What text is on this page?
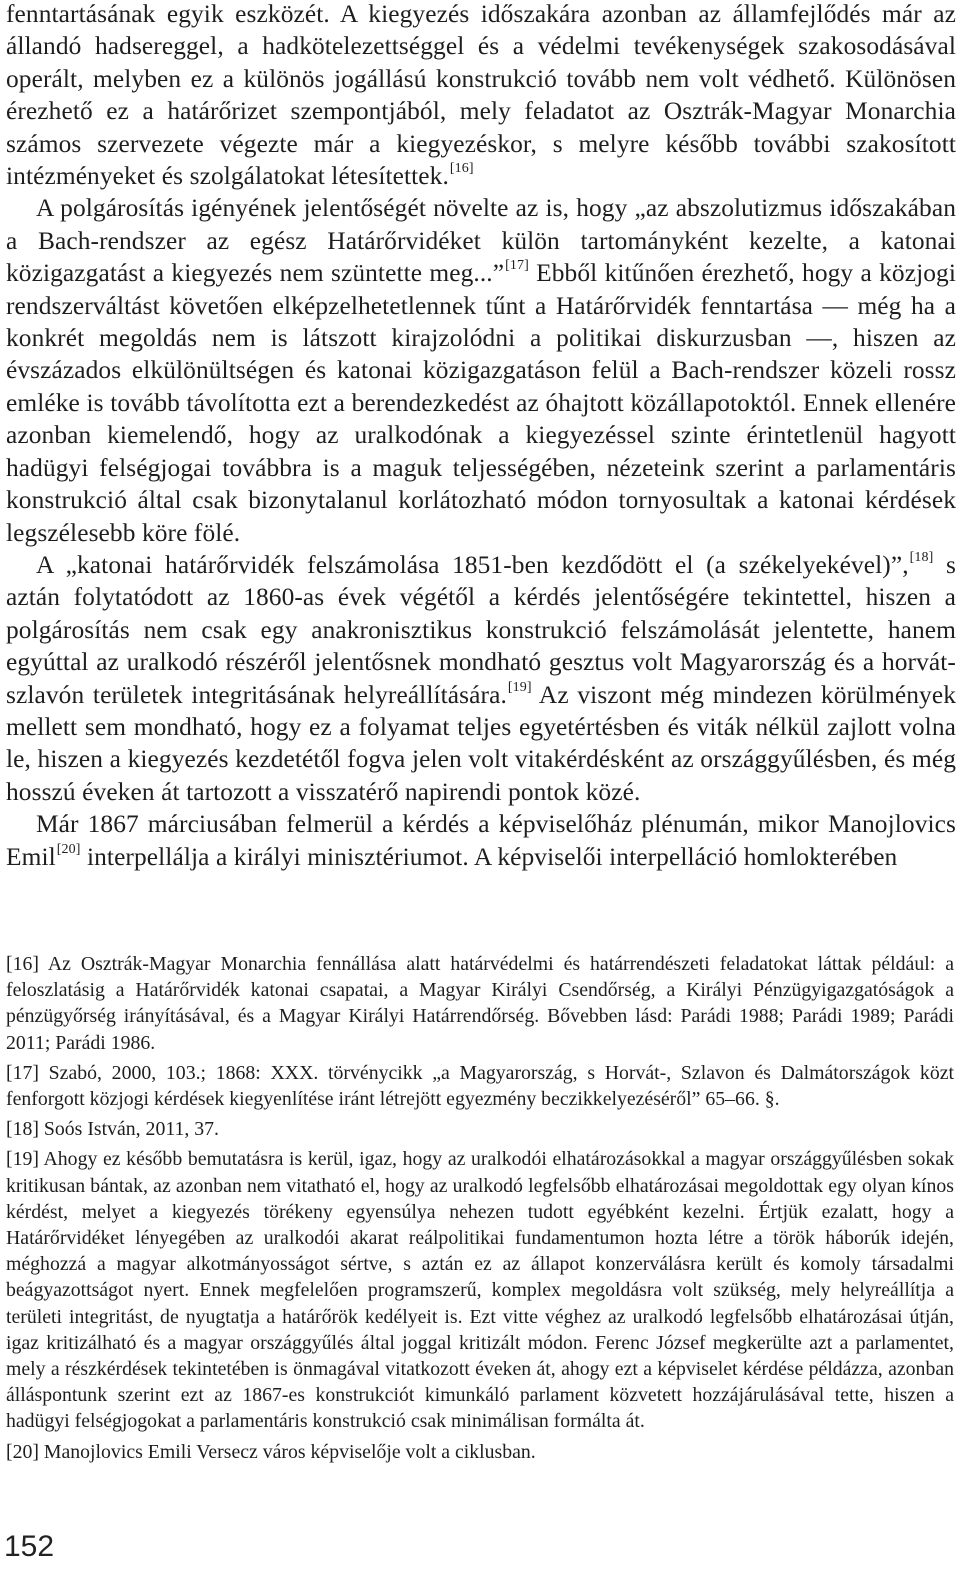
fenntartásának egyik eszközét. A kiegyezés időszakára azonban az államfejlődés már az állandó hadsereggel, a hadkötelezettséggel és a védelmi tevékenységek szakosodásával operált, melyben ez a különös jogállású konstrukció tovább nem volt védhető. Különösen érezhető ez a határőrizet szempontjából, mely feladatot az Osztrák-Magyar Monarchia számos szervezete végezte már a kiegyezéskor, s melyre később további szakosított intézményeket és szolgálatokat létesítettek.[16]

A polgárosítás igényének jelentőségét növelte az is, hogy „az abszolutizmus időszakában a Bach-rendszer az egész Határőrvidéket külön tartományként kezelte, a katonai közigazgatást a kiegyezés nem szüntette meg...”[17] Ebből kitűnően érezhető, hogy a közjogi rendszerváltást követően elképzelhetetlennek tűnt a Határőrvidék fenntartása — még ha a konkrét megoldás nem is látszott kirajzolódni a politikai diskurzusban —, hiszen az évszázados elkülönültségen és katonai közigazgatáson felül a Bach-rendszer közeli rossz emléke is tovább távolította ezt a berendezkedést az óhajtott közállapotoktól. Ennek ellenére azonban kiemelendő, hogy az uralkodónak a kiegyezéssel szinte érintetlenül hagyott hadügyi felségjogai továbbra is a maguk teljességében, nézeteink szerint a parlamentáris konstrukció által csak bizonytalanul korlátozható módon tornyosultak a katonai kérdések legszélesebb köre fölé.

A „katonai határőrvidék felszámolása 1851-ben kezdődött el (a székelyekével)”,[18] s aztán folytatódott az 1860-as évek végétől a kérdés jelentőségére tekintettel, hiszen a polgárosítás nem csak egy anakronisztikus konstrukció felszámolását jelentette, hanem egyúttal az uralkodó részéről jelentősnek mondható gesztus volt Magyarország és a horvát-szlavón területek integritásának helyreállítására.[19] Az viszont még mindezen körülmények mellett sem mondható, hogy ez a folyamat teljes egyetértésben és viták nélkül zajlott volna le, hiszen a kiegyezés kezdetétől fogva jelen volt vitakérdésként az országgyűlésben, és még hosszú éveken át tartozott a visszatérő napirendi pontok közé.

Már 1867 márciusában felmerül a kérdés a képviselőház plénumán, mikor Manojlovics Emil[20] interpellálja a királyi minisztériumot. A képviselői interpelláció homlokterében

[16] Az Osztrák-Magyar Monarchia fennállása alatt határvédelmi és határrendészeti feladatokat láttak például: a feloszlatásig a Határőrvidék katonai csapatai, a Magyar Királyi Csendőrség, a Királyi Pénzügyigazgatóságok a pénzügyőrség irányításával, és a Magyar Királyi Határrendőrség. Bővebben lásd: Parádi 1988; Parádi 1989; Parádi 2011; Parádi 1986.

[17] Szabó, 2000, 103.; 1868: XXX. törvénycikk „a Magyarország, s Horvát-, Szlavon és Dalmátországok közt fenforgott közjogi kérdések kiegyenlítése iránt létrejött egyezmény beczikkelyezéséről” 65–66. §.

[18] Soós István, 2011, 37.

[19] Ahogy ez később bemutatásra is kerül, igaz, hogy az uralkodói elhatározásokkal a magyar országgyűlésben sokak kritikusan bántak, az azonban nem vitatható el, hogy az uralkodó legfelsőbb elhatározásai megoldottak egy olyan kínos kérdést, melyet a kiegyezés törékeny egyensúlya nehezen tudott egyébként kezelni. Értjük ezalatt, hogy a Határőrvidéket lényegében az uralkodói akarat reálpolitikai fundamentumon hozta létre a török háborúk idején, méghozzá a magyar alkotmányosságot sértve, s aztán ez az állapot konzerválásra került és komoly társadalmi beágyazottságot nyert. Ennek megfelelően programszerű, komplex megoldásra volt szükség, mely helyreállítja a területi integritást, de nyugtatja a határőrök kedélyeit is. Ezt vitte véghez az uralkodó legfelsőbb elhatározásai útján, igaz kritizálható és a magyar országgyűlés által joggal kritizált módon. Ferenc József megkerülte azt a parlamentet, mely a részkérdések tekintetében is önmagával vitatkozott éveken át, ahogy ezt a képviselet kérdése példázza, azonban álláspontunk szerint ezt az 1867-es konstrukciót kimunkáló parlament közvetett hozzájárulásával tette, hiszen a hadügyi felségjogokat a parlamentáris konstrukció csak minimálisan formálta át.

[20] Manojlovics Emili Versecz város képviselője volt a ciklusban.

152
